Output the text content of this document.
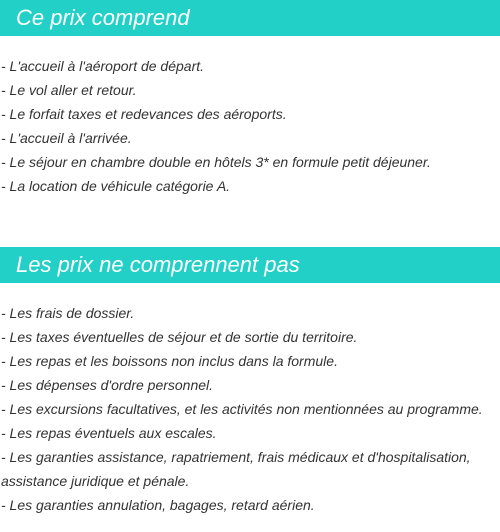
Ce prix comprend
- L'accueil à l'aéroport de départ.
- Le vol aller et retour.
- Le forfait taxes et redevances des aéroports.
- L'accueil à l'arrivée.
- Le séjour en chambre double en hôtels 3* en formule petit déjeuner.
- La location de véhicule catégorie A.
Les prix ne comprennent pas
- Les frais de dossier.
- Les taxes éventuelles de séjour et de sortie du territoire.
- Les repas et les boissons non inclus dans la formule.
- Les dépenses d'ordre personnel.
- Les excursions facultatives, et les activités non mentionnées au programme.
- Les repas éventuels aux escales.
- Les garanties assistance, rapatriement, frais médicaux et d'hospitalisation, assistance juridique et pénale.
- Les garanties annulation, bagages, retard aérien.
